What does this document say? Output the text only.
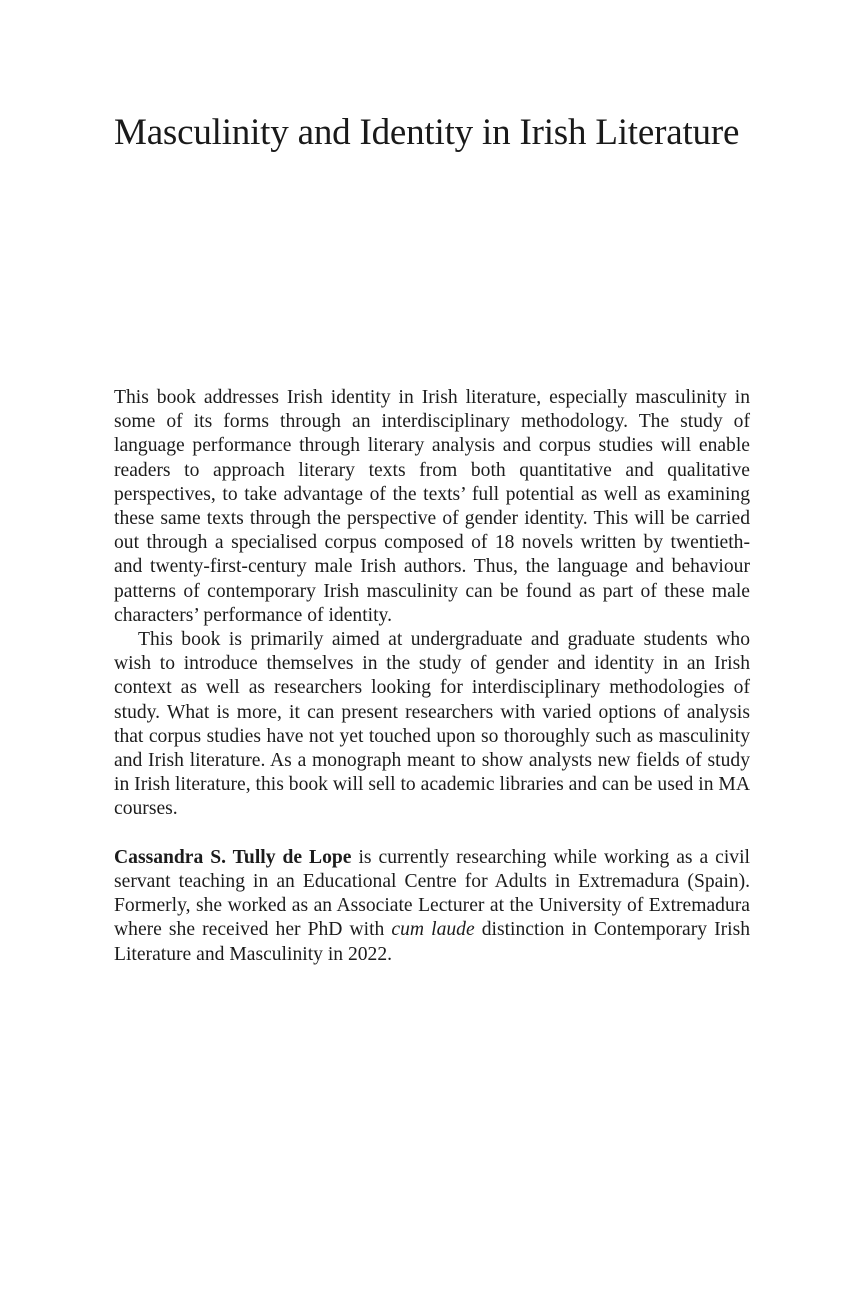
Masculinity and Identity in Irish Literature

This book addresses Irish identity in Irish literature, especially masculinity in some of its forms through an interdisciplinary methodology. The study of language performance through literary analysis and corpus studies will enable readers to approach literary texts from both quantitative and qualitative perspectives, to take advantage of the texts’ full potential as well as examining these same texts through the perspective of gender identity. This will be carried out through a specialised corpus composed of 18 novels written by twentieth- and twenty-first-century male Irish authors. Thus, the language and behaviour patterns of contemporary Irish masculinity can be found as part of these male characters’ performance of identity.

This book is primarily aimed at undergraduate and graduate students who wish to introduce themselves in the study of gender and identity in an Irish context as well as researchers looking for interdisciplinary methodologies of study. What is more, it can present researchers with varied options of analysis that corpus studies have not yet touched upon so thoroughly such as masculinity and Irish literature. As a monograph meant to show analysts new fields of study in Irish literature, this book will sell to academic libraries and can be used in MA courses.

Cassandra S. Tully de Lope is currently researching while working as a civil servant teaching in an Educational Centre for Adults in Extremadura (Spain). Formerly, she worked as an Associate Lecturer at the University of Extremadura where she received her PhD with cum laude distinction in Contemporary Irish Literature and Masculinity in 2022.
